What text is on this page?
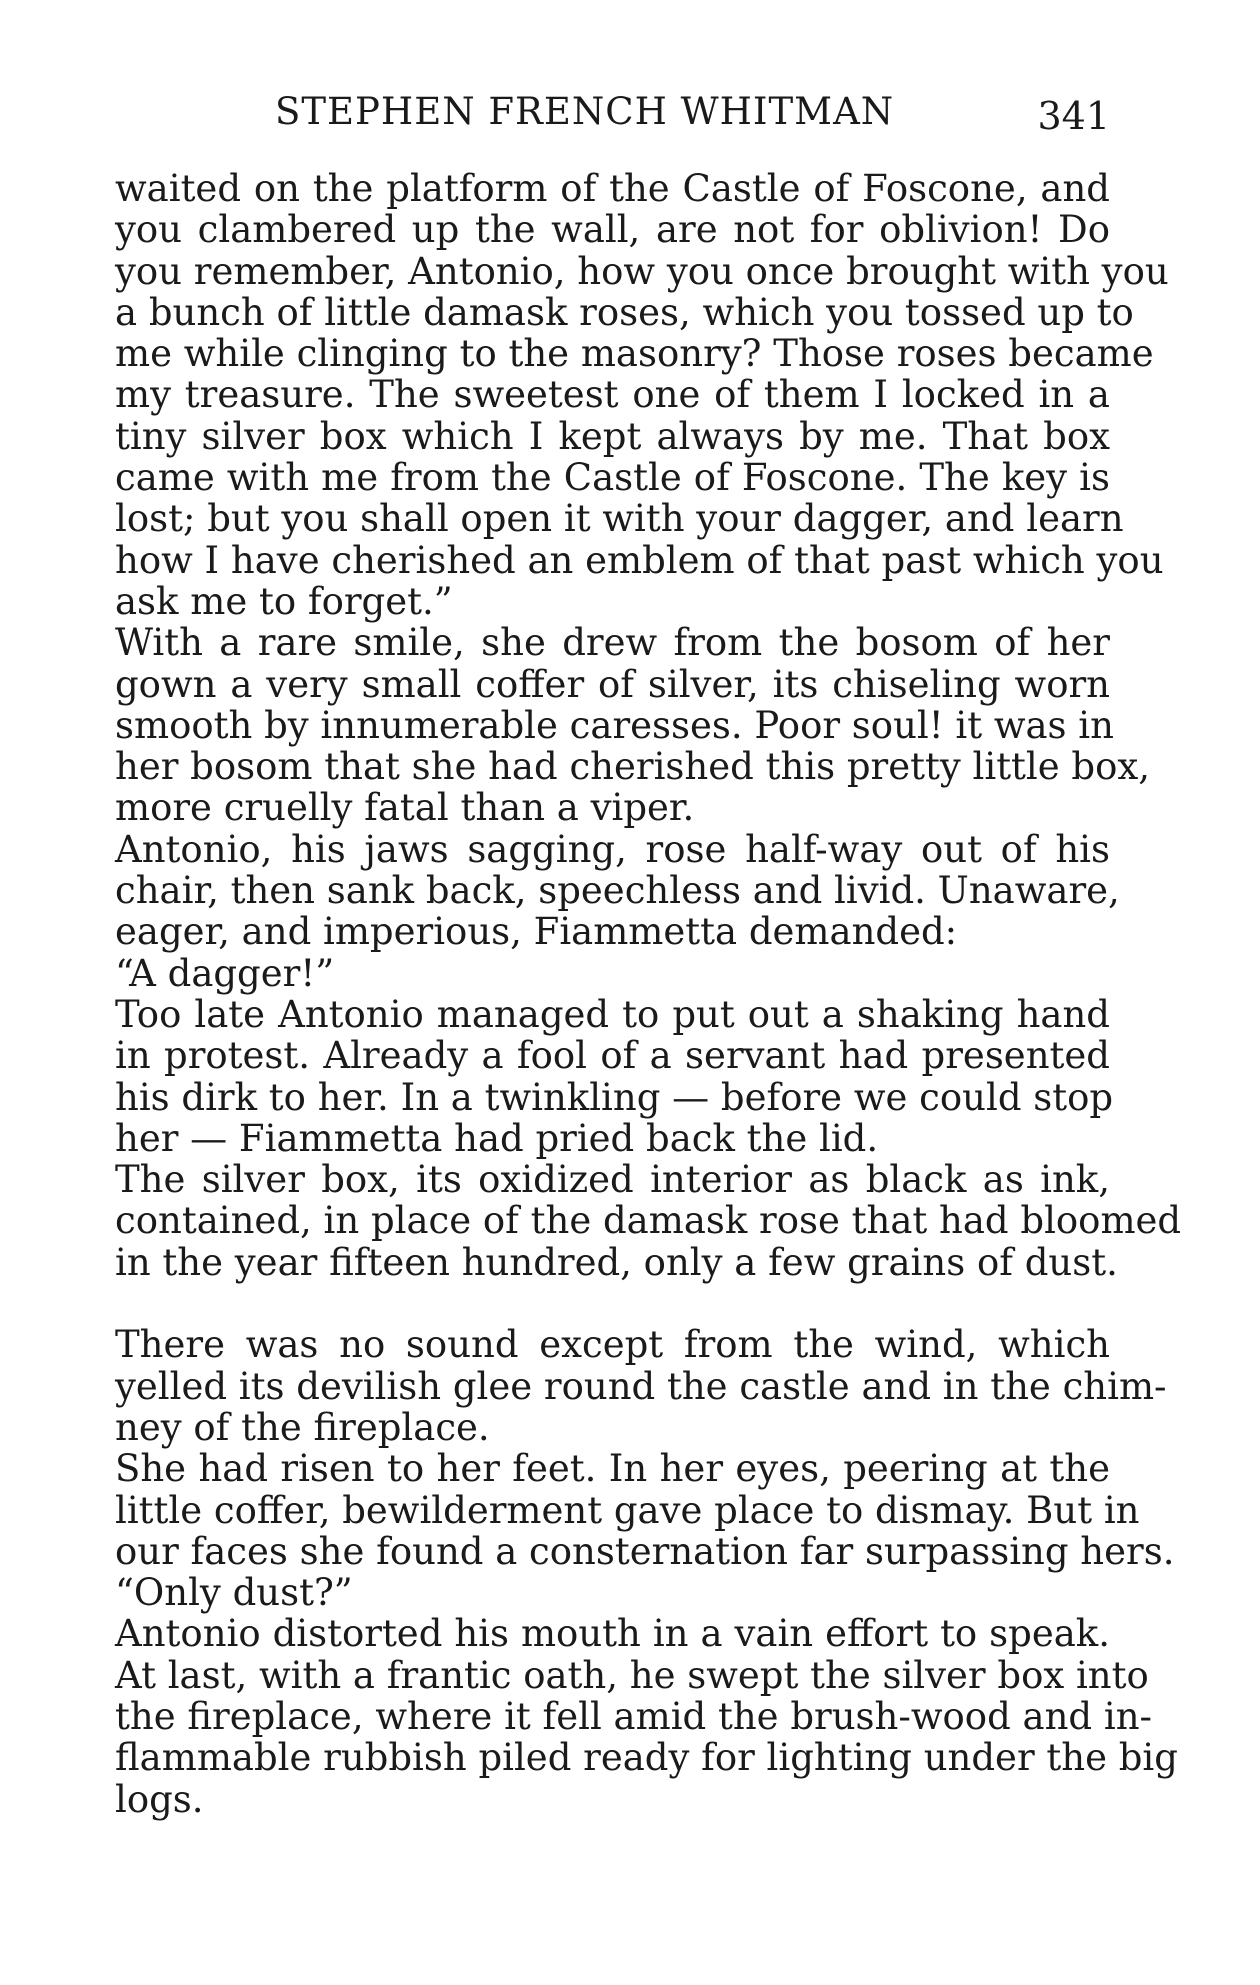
STEPHEN FRENCH WHITMAN	341
waited on the platform of the Castle of Foscone, and
you clambered up the wall, are not for oblivion! Do
you remember, Antonio, how you once brought with you
a bunch of little damask roses, which you tossed up to
me while clinging to the masonry? Those roses became
my treasure. The sweetest one of them I locked in a
tiny silver box which I kept always by me. That box
came with me from the Castle of Foscone. The key is
lost; but you shall open it with your dagger, and learn
how I have cherished an emblem of that past which you
ask me to forget.”
With a rare smile, she drew from the bosom of her
gown a very small coffer of silver, its chiseling worn
smooth by innumerable caresses. Poor soul! it was in
her bosom that she had cherished this pretty little box,
more cruelly fatal than a viper.
Antonio, his jaws sagging, rose half-way out of his
chair, then sank back, speechless and livid. Unaware,
eager, and imperious, Fiammetta demanded:
“A dagger!”
Too late Antonio managed to put out a shaking hand
in protest. Already a fool of a servant had presented
his dirk to her. In a twinkling — before we could stop
her — Fiammetta had pried back the lid.
The silver box, its oxidized interior as black as ink,
contained, in place of the damask rose that had bloomed
in the year fifteen hundred, only a few grains of dust.
There was no sound except from the wind, which
yelled its devilish glee round the castle and in the chim-
ney of the fireplace.
She had risen to her feet. In her eyes, peering at the
little coffer, bewilderment gave place to dismay. But in
our faces she found a consternation far surpassing hers.
“Only dust?”
Antonio distorted his mouth in a vain effort to speak.
At last, with a frantic oath, he swept the silver box into
the fireplace, where it fell amid the brush-wood and in-
flammable rubbish piled ready for lighting under the big
logs.
